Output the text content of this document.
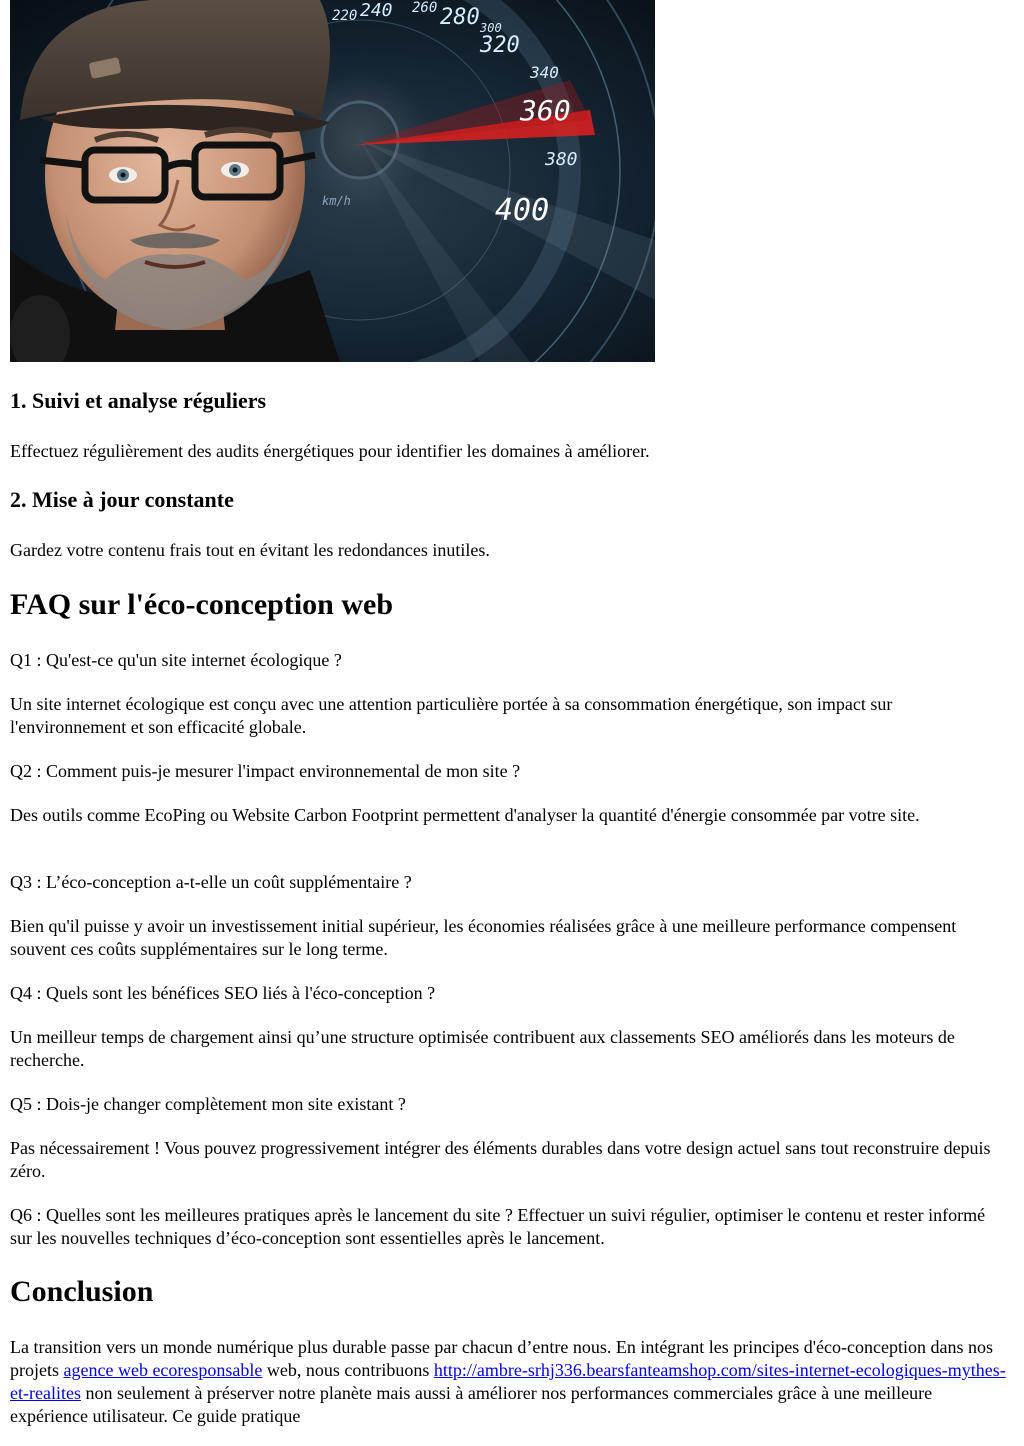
220 240 260 280 300
320
340
360
380
400
km/h
1. Suivi et analyse réguliers

Effectuez régulièrement des audits énergétiques pour identifier les domaines à améliorer.

2. Mise à jour constante

Gardez votre contenu frais tout en évitant les redondances inutiles.

FAQ sur l'éco-conception web

Q1 : Qu'est-ce qu'un site internet écologique ?

Un site internet écologique est conçu avec une attention particulière portée à sa consommation énergétique, son impact sur l'environnement et son efficacité globale.

Q2 : Comment puis-je mesurer l'impact environnemental de mon site ?

Des outils comme EcoPing ou Website Carbon Footprint permettent d'analyser la quantité d'énergie consommée par votre site.

Q3 : L’éco-conception a-t-elle un coût supplémentaire ?

Bien qu'il puisse y avoir un investissement initial supérieur, les économies réalisées grâce à une meilleure performance compensent souvent ces coûts supplémentaires sur le long terme.

Q4 : Quels sont les bénéfices SEO liés à l'éco-conception ?

Un meilleur temps de chargement ainsi qu’une structure optimisée contribuent aux classements SEO améliorés dans les moteurs de recherche.

Q5 : Dois-je changer complètement mon site existant ?

Pas nécessairement ! Vous pouvez progressivement intégrer des éléments durables dans votre design actuel sans tout reconstruire depuis zéro.

Q6 : Quelles sont les meilleures pratiques après le lancement du site ? Effectuer un suivi régulier, optimiser le contenu et rester informé sur les nouvelles techniques d’éco-conception sont essentielles après le lancement.

Conclusion

La transition vers un monde numérique plus durable passe par chacun d’entre nous. En intégrant les principes d'éco-conception dans nos projets agence web ecoresponsable web, nous contribuons http://ambre-srhj336.bearsfanteamshop.com/sites-internet-ecologiques-mythes-et-realites non seulement à préserver notre planète mais aussi à améliorer nos performances commerciales grâce à une meilleure expérience utilisateur. Ce guide pratique
